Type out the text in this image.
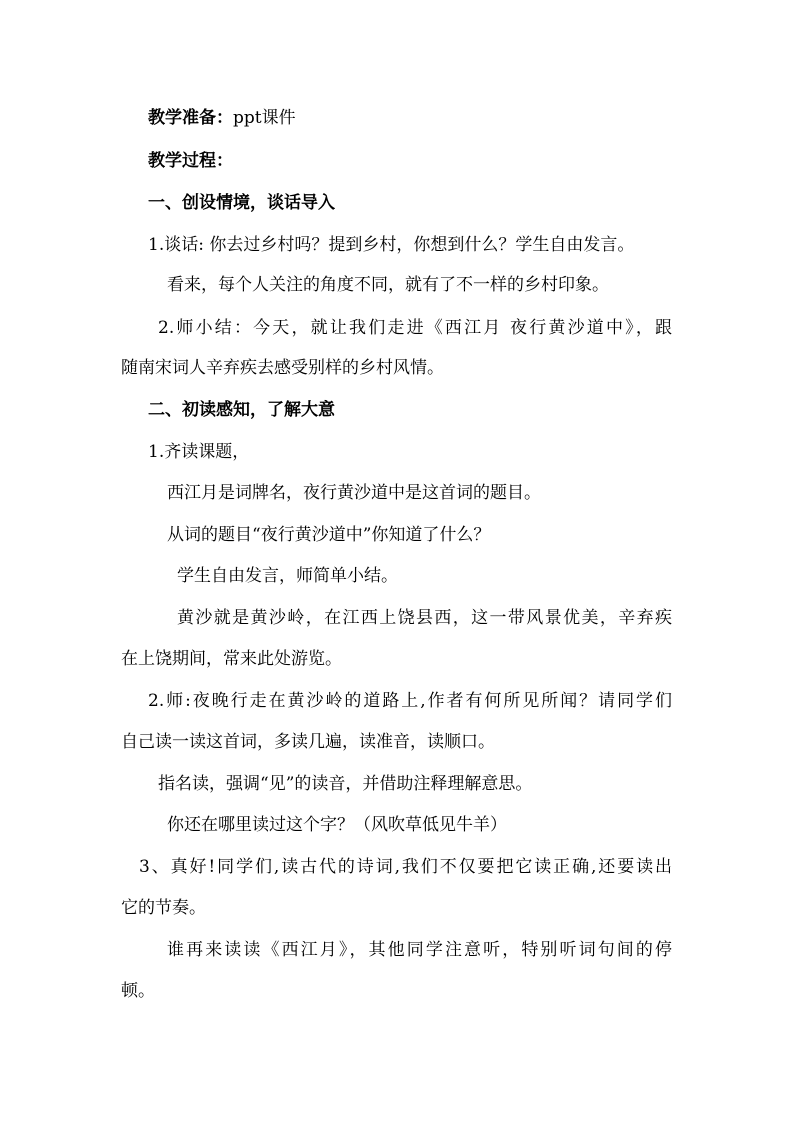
教学准备：ppt课件

教学过程：

一、创设情境，谈话导入

1.谈话: 你去过乡村吗？提到乡村，你想到什么？学生自由发言。

看来，每个人关注的角度不同，就有了不一样的乡村印象。

2.师小结：今天，就让我们走进《西江月 夜行黄沙道中》，跟

随南宋词人辛弃疾去感受别样的乡村风情。

二、初读感知，了解大意

1.齐读课题，

西江月是词牌名，夜行黄沙道中是这首词的题目。

从词的题目“夜行黄沙道中”你知道了什么？

学生自由发言，师简单小结。

黄沙就是黄沙岭，在江西上饶县西，这一带风景优美，辛弃疾

在上饶期间，常来此处游览。

2.师:夜晚行走在黄沙岭的道路上,作者有何所见所闻？请同学们

自己读一读这首词，多读几遍，读准音，读顺口。

指名读，强调“见”的读音，并借助注释理解意思。

你还在哪里读过这个字？（风吹草低见牛羊）

3、真好!同学们,读古代的诗词,我们不仅要把它读正确,还要读出

它的节奏。

谁再来读读《西江月》，其他同学注意听，特别听词句间的停

顿。
